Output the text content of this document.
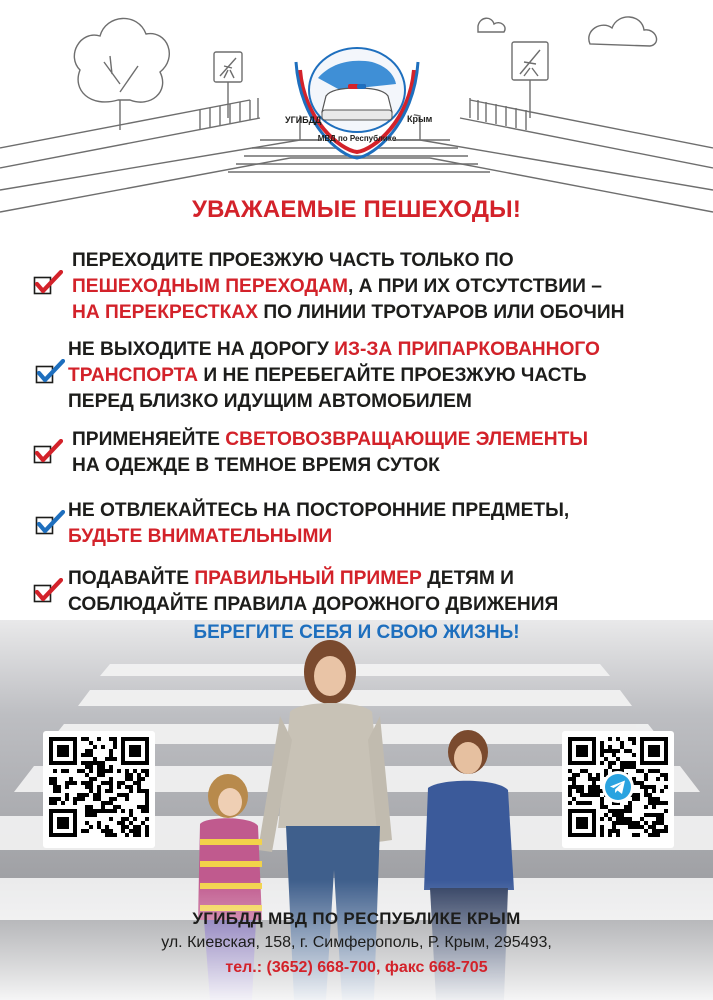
УГИБДД	Крым
МВД по Республике
УВАЖАЕМЫЕ ПЕШЕХОДЫ!
ПЕРЕХОДИТЕ ПРОЕЗЖУЮ ЧАСТЬ ТОЛЬКО ПО
ПЕШЕХОДНЫМ ПЕРЕХОДАМ, А ПРИ ИХ ОТСУТСТВИИ –
НА ПЕРЕКРЕСТКАХ ПО ЛИНИИ ТРОТУАРОВ ИЛИ ОБОЧИН
НЕ ВЫХОДИТЕ НА ДОРОГУ ИЗ-ЗА ПРИПАРКОВАННОГО
ТРАНСПОРТА И НЕ ПЕРЕБЕГАЙТЕ ПРОЕЗЖУЮ ЧАСТЬ
ПЕРЕД БЛИЗКО ИДУЩИМ АВТОМОБИЛЕМ
ПРИМЕНЯЕЙТЕ СВЕТОВОЗВРАЩАЮЩИЕ ЭЛЕМЕНТЫ
НА ОДЕЖДЕ В ТЕМНОЕ ВРЕМЯ СУТОК
НЕ ОТВЛЕКАЙТЕСЬ НА ПОСТОРОННИЕ ПРЕДМЕТЫ,
БУДЬТЕ ВНИМАТЕЛЬНЫМИ
ПОДАВАЙТЕ ПРАВИЛЬНЫЙ ПРИМЕР ДЕТЯМ И
СОБЛЮДАЙТЕ ПРАВИЛА ДОРОЖНОГО ДВИЖЕНИЯ
БЕРЕГИТЕ СЕБЯ И СВОЮ ЖИЗНЬ!
УГИБДД МВД ПО РЕСПУБЛИКЕ КРЫМ
ул. Киевская, 158, г. Симферополь, Р. Крым, 295493,
тел.: (3652) 668-700, факс 668-705
